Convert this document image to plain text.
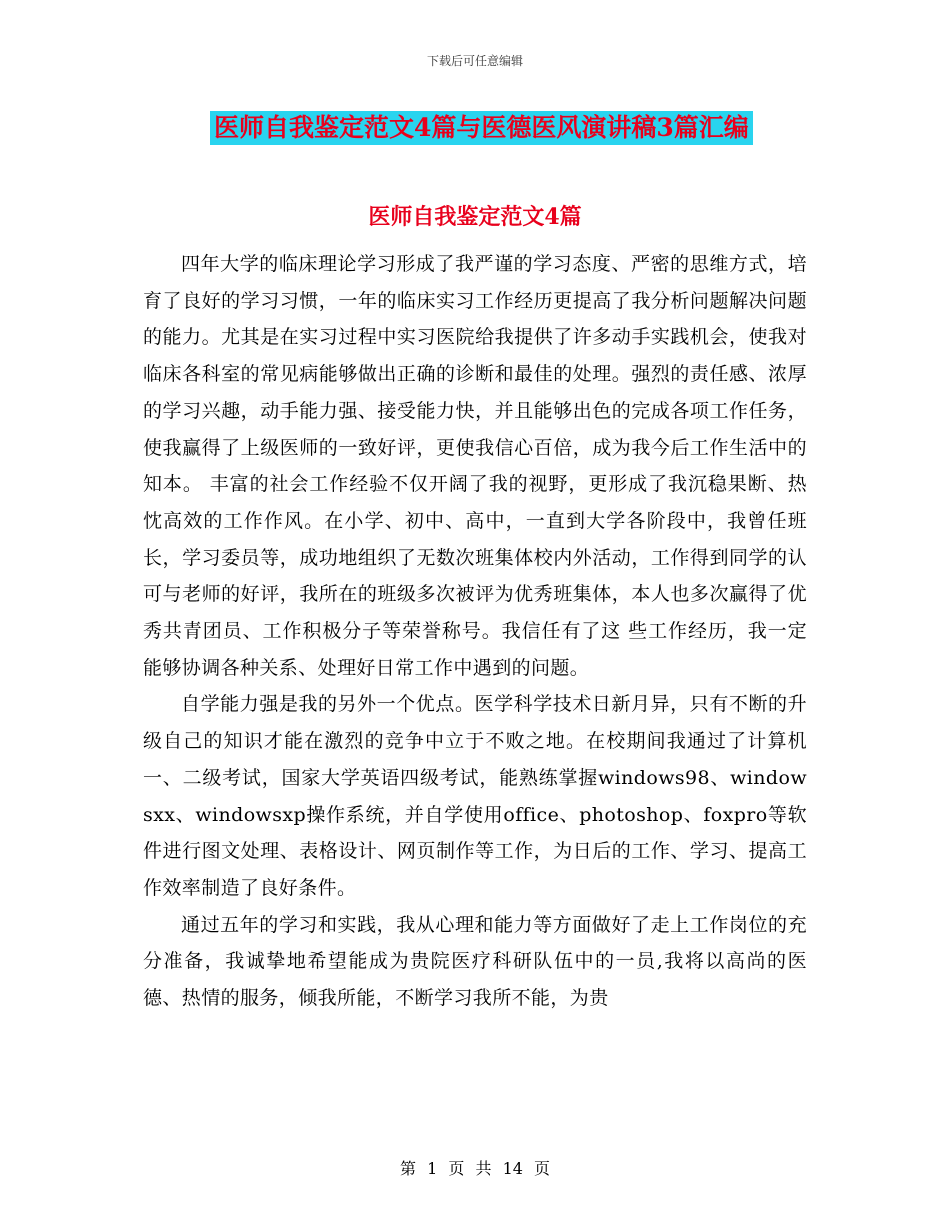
下载后可任意编辑
医师自我鉴定范文4篇与医德医风演讲稿3篇汇编
医师自我鉴定范文4篇

四年大学的临床理论学习形成了我严谨的学习态度、严密的思维方式，培育了良好的学习习惯，一年的临床实习工作经历更提高了我分析问题解决问题的能力。尤其是在实习过程中实习医院给我提供了许多动手实践机会，使我对临床各科室的常见病能够做出正确的诊断和最佳的处理。强烈的责任感、浓厚的学习兴趣，动手能力强、接受能力快，并且能够出色的完成各项工作任务，使我赢得了上级医师的一致好评，更使我信心百倍，成为我今后工作生活中的知本。 丰富的社会工作经验不仅开阔了我的视野，更形成了我沉稳果断、热忱高效的工作作风。在小学、初中、高中，一直到大学各阶段中，我曾任班长，学习委员等，成功地组织了无数次班集体校内外活动，工作得到同学的认可与老师的好评，我所在的班级多次被评为优秀班集体，本人也多次赢得了优秀共青团员、工作积极分子等荣誉称号。我信任有了这 些工作经历，我一定能够协调各种关系、处理好日常工作中遇到的问题。

自学能力强是我的另外一个优点。医学科学技术日新月异，只有不断的升级自己的知识才能在激烈的竞争中立于不败之地。在校期间我通过了计算机一、二级考试，国家大学英语四级考试，能熟练掌握windows98、windowsxx、windowsxp操作系统，并自学使用office、photoshop、foxpro等软件进行图文处理、表格设计、网页制作等工作，为日后的工作、学习、提高工作效率制造了良好条件。

通过五年的学习和实践，我从心理和能力等方面做好了走上工作岗位的充分准备，我诚挚地希望能成为贵院医疗科研队伍中的一员,我将以高尚的医德、热情的服务，倾我所能，不断学习我所不能，为贵

第 1 页 共 14 页
